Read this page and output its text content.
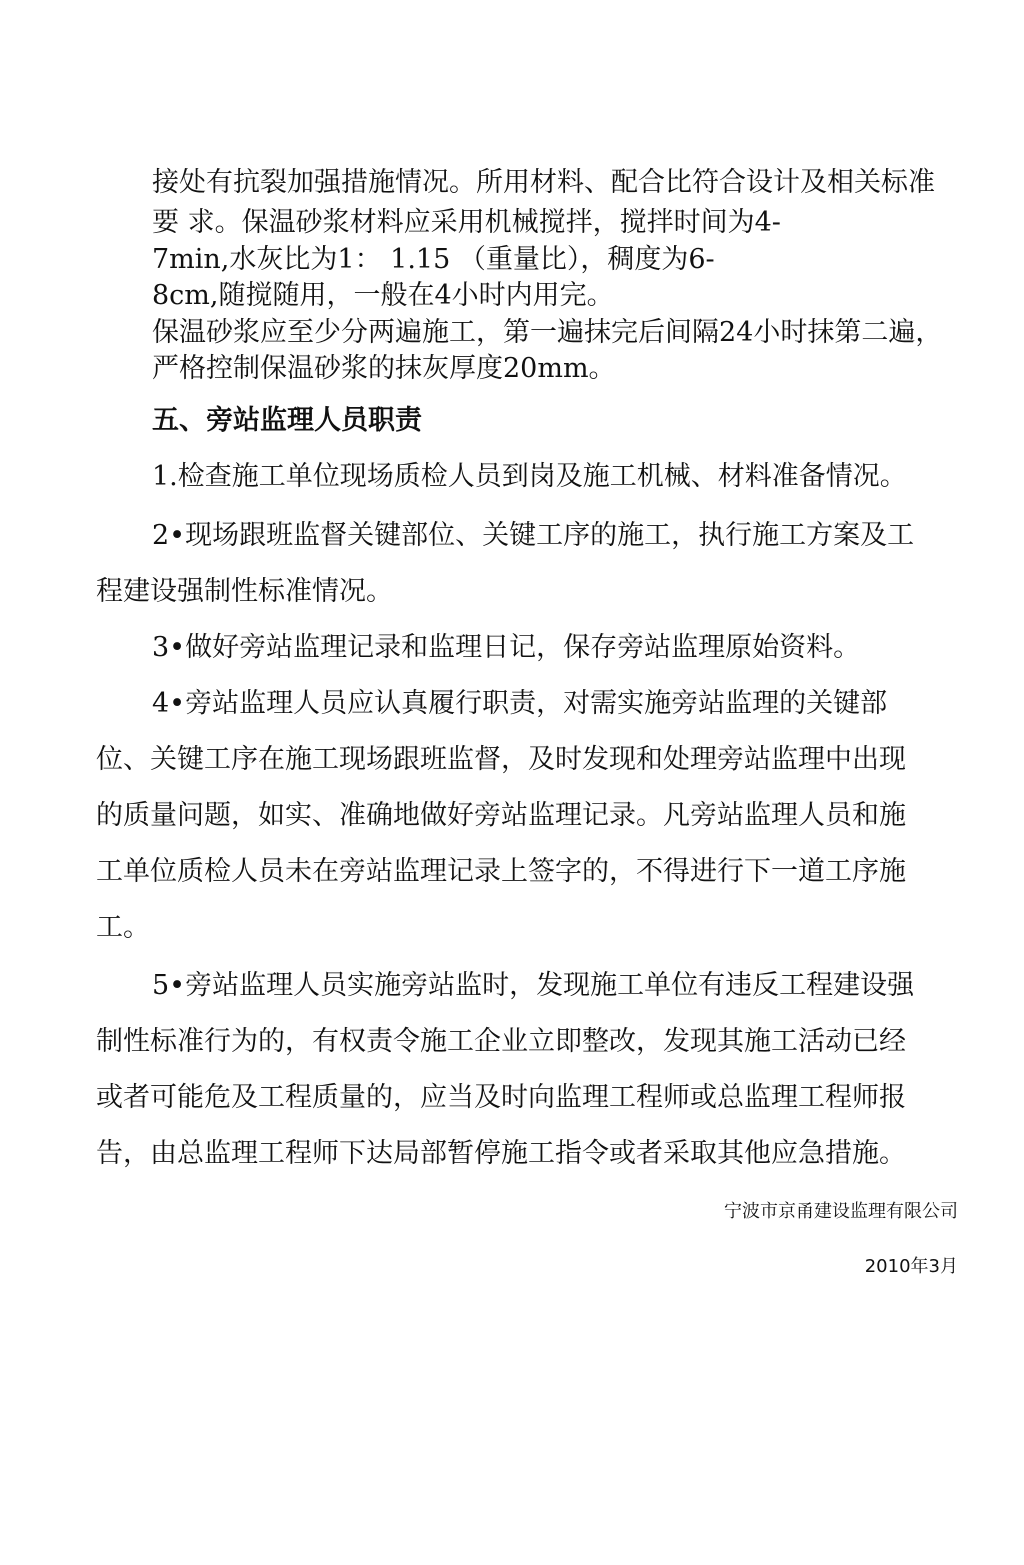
接处有抗裂加强措施情况。所用材料、配合比符合设计及相关标准

要 求。保温砂浆材料应采用机械搅拌，搅拌时间为4-

7min,水灰比为1： 1.15 （重量比），稠度为6-

8cm,随搅随用，一般在4小时内用完。

保温砂浆应至少分两遍施工，第一遍抹完后间隔24小时抹第二遍，

严格控制保温砂浆的抹灰厚度20mm。

五、旁站监理人员职责

1.检查施工单位现场质检人员到岗及施工机械、材料准备情况。

2•现场跟班监督关键部位、关键工序的施工，执行施工方案及工

程建设强制性标准情况。

3•做好旁站监理记录和监理日记，保存旁站监理原始资料。

4•旁站监理人员应认真履行职责，对需实施旁站监理的关键部

位、关键工序在施工现场跟班监督，及时发现和处理旁站监理中出现

的质量问题，如实、准确地做好旁站监理记录。凡旁站监理人员和施

工单位质检人员未在旁站监理记录上签字的，不得进行下一道工序施

工。

5•旁站监理人员实施旁站监时，发现施工单位有违反工程建设强

制性标准行为的，有权责令施工企业立即整改，发现其施工活动已经

或者可能危及工程质量的，应当及时向监理工程师或总监理工程师报

告，由总监理工程师下达局部暂停施工指令或者采取其他应急措施。

宁波市京甬建设监理有限公司

2010年3月
